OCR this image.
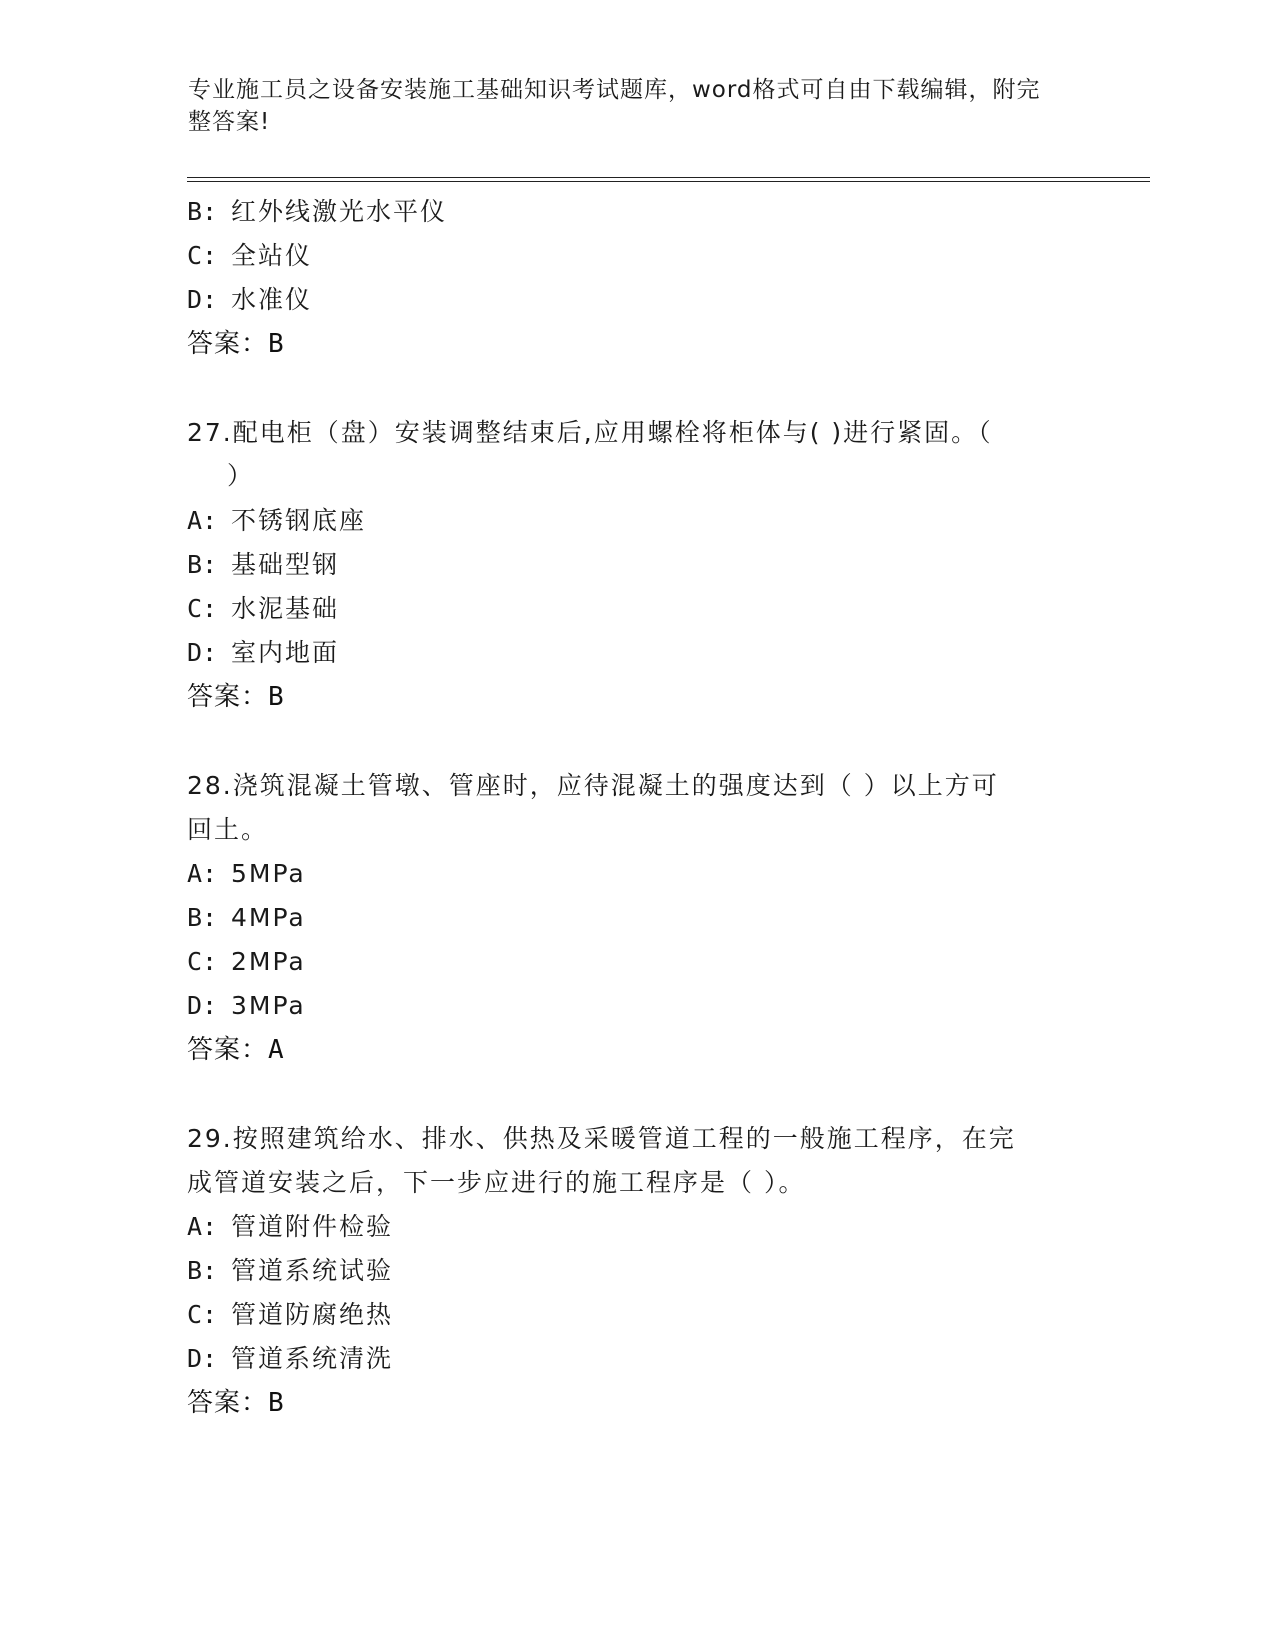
专业施工员之设备安装施工基础知识考试题库，word格式可自由下载编辑，附完
整答案!
B: 红外线激光水平仪
C: 全站仪
D: 水准仪
答案：B
27.配电柜（盘）安装调整结束后,应用螺栓将柜体与( )进行紧固。（
）
A: 不锈钢底座
B: 基础型钢
C: 水泥基础
D: 室内地面
答案：B
28.浇筑混凝土管墩、管座时，应待混凝土的强度达到（ ）以上方可
回土。
A: 5MPa
B: 4MPa
C: 2MPa
D: 3MPa
答案：A
29.按照建筑给水、排水、供热及采暖管道工程的一般施工程序，在完
成管道安装之后，下一步应进行的施工程序是（ ）。
A: 管道附件检验
B: 管道系统试验
C: 管道防腐绝热
D: 管道系统清洗
答案：B
